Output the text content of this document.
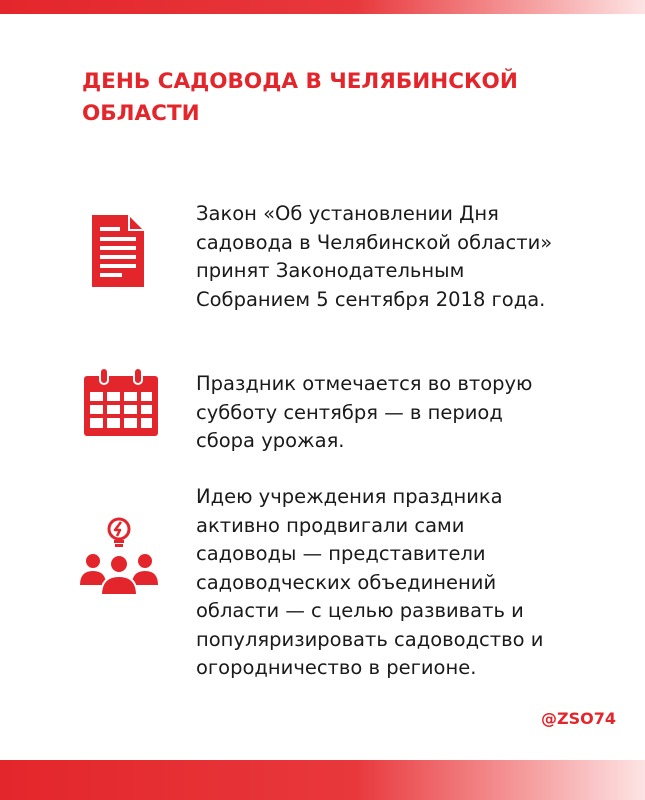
ДЕНЬ САДОВОДА В ЧЕЛЯБИНСКОЙ
ОБЛАСТИ
Закон «Об установлении Дня
садовода в Челябинской области»
принят Законодательным
Собранием 5 сентября 2018 года.
Праздник отмечается во вторую
субботу сентября — в период
сбора урожая.
Идею учреждения праздника
активно продвигали сами
садоводы — представители
садоводческих объединений
области — с целью развивать и
популяризировать садоводство и
огородничество в регионе.
@ZSO74
